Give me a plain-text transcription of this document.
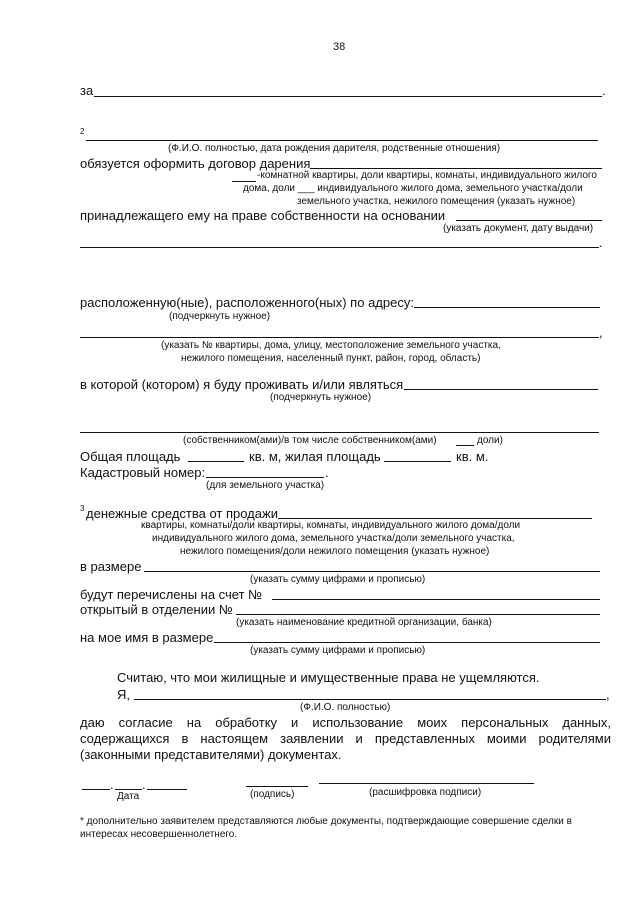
38
за	.
2
(Ф.И.О. полностью, дата рождения дарителя, родственные отношения)
обязуется оформить договор дарения
-комнатной квартиры, доли квартиры, комнаты, индивидуального жилого
дома, доли ___ индивидуального жилого дома, земельного участка/доли
земельного участка, нежилого помещения (указать нужное)
принадлежащего ему на праве собственности на основании
(указать документ, дату выдачи)
.
расположенную(ные), расположенного(ных) по адресу:
(подчеркнуть нужное)
,
(указать № квартиры, дома, улицу, местоположение земельного участка,
нежилого помещения, населенный пункт, район, город, область)
в которой (котором) я буду проживать и/или являться
(подчеркнуть нужное)
(собственником(ами)/в том числе собственником(ами)	доли)
Общая площадь	кв. м, жилая площадь	кв. м.
Кадастровый номер:	.
(для земельного участка)
3 денежные средства от продажи
квартиры, комнаты/доли квартиры, комнаты, индивидуального жилого дома/доли
индивидуального жилого дома, земельного участка/доли земельного участка,
нежилого помещения/доли нежилого помещения (указать нужное)
в размере
(указать сумму цифрами и прописью)
будут перечислены на счет №
открытый в отделении №
(указать наименование кредитной организации, банка)
на мое имя в размере
(указать сумму цифрами и прописью)
Считаю, что мои жилищные и имущественные права не ущемляются.
Я,	,
(Ф.И.О. полностью)
даю согласие на обработку и использование моих персональных данных,
содержащихся в настоящем заявлении и представленных моими родителями
(законными представителями) документах.
. .
Дата	(подпись)	(расшифровка подписи)
* дополнительно заявителем представляются любые документы, подтверждающие совершение сделки в
интересах несовершеннолетнего.
